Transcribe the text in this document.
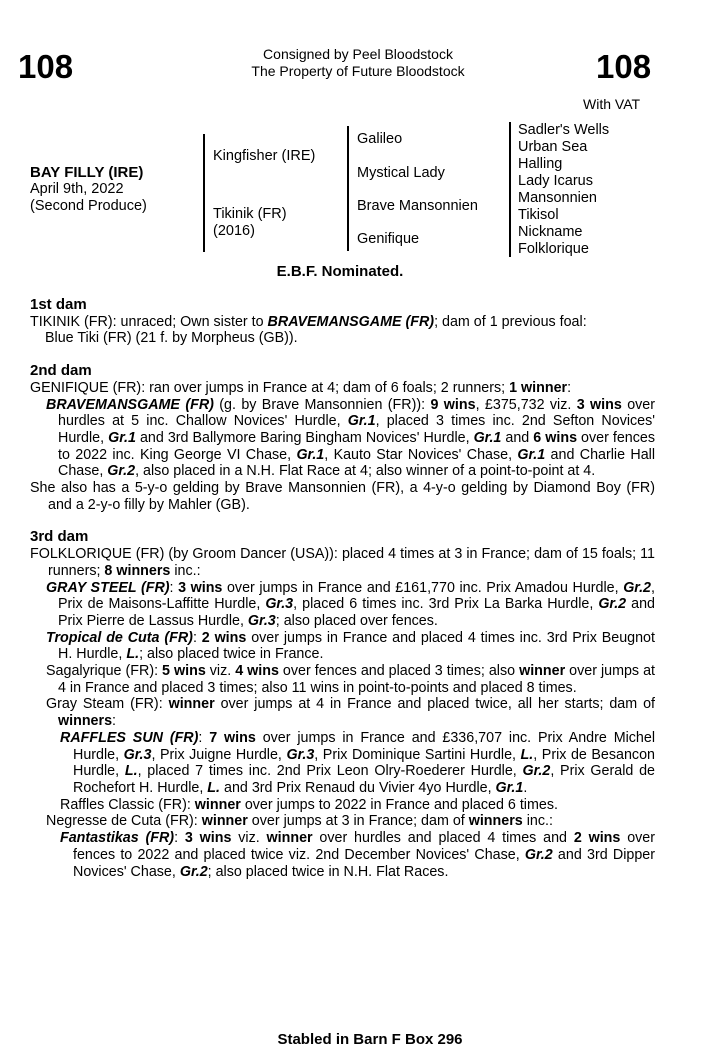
108	108
Consigned by Peel Bloodstock
The Property of Future Bloodstock
With VAT
BAY FILLY (IRE)
April 9th, 2022
(Second Produce)
Kingfisher (IRE)
Tikinik (FR)
(2016)
Galileo
Mystical Lady
Brave Mansonnien
Genifique
Sadler's Wells
Urban Sea
Halling
Lady Icarus
Mansonnien
Tikisol
Nickname
Folklorique
E.B.F. Nominated.
1st dam

TIKINIK (FR): unraced; Own sister to BRAVEMANSGAME (FR); dam of 1 previous foal:

Blue Tiki (FR) (21 f. by Morpheus (GB)).

2nd dam

GENIFIQUE (FR): ran over jumps in France at 4; dam of 6 foals; 2 runners; 1 winner:

BRAVEMANSGAME (FR) (g. by Brave Mansonnien (FR)): 9 wins, £375,732 viz. 3 wins over hurdles at 5 inc. Challow Novices' Hurdle, Gr.1, placed 3 times inc. 2nd Sefton Novices' Hurdle, Gr.1 and 3rd Ballymore Baring Bingham Novices' Hurdle, Gr.1 and 6 wins over fences to 2022 inc. King George VI Chase, Gr.1, Kauto Star Novices' Chase, Gr.1 and Charlie Hall Chase, Gr.2, also placed in a N.H. Flat Race at 4; also winner of a point-to-point at 4.

She also has a 5-y-o gelding by Brave Mansonnien (FR), a 4-y-o gelding by Diamond Boy (FR) and a 2-y-o filly by Mahler (GB).

3rd dam

FOLKLORIQUE (FR) (by Groom Dancer (USA)): placed 4 times at 3 in France; dam of 15 foals; 11 runners; 8 winners inc.:

GRAY STEEL (FR): 3 wins over jumps in France and £161,770 inc. Prix Amadou Hurdle, Gr.2, Prix de Maisons-Laffitte Hurdle, Gr.3, placed 6 times inc. 3rd Prix La Barka Hurdle, Gr.2 and Prix Pierre de Lassus Hurdle, Gr.3; also placed over fences.

Tropical de Cuta (FR): 2 wins over jumps in France and placed 4 times inc. 3rd Prix Beugnot H. Hurdle, L.; also placed twice in France.

Sagalyrique (FR): 5 wins viz. 4 wins over fences and placed 3 times; also winner over jumps at 4 in France and placed 3 times; also 11 wins in point-to-points and placed 8 times.

Gray Steam (FR): winner over jumps at 4 in France and placed twice, all her starts; dam of winners:

RAFFLES SUN (FR): 7 wins over jumps in France and £336,707 inc. Prix Andre Michel Hurdle, Gr.3, Prix Juigne Hurdle, Gr.3, Prix Dominique Sartini Hurdle, L., Prix de Besancon Hurdle, L., placed 7 times inc. 2nd Prix Leon Olry-Roederer Hurdle, Gr.2, Prix Gerald de Rochefort H. Hurdle, L. and 3rd Prix Renaud du Vivier 4yo Hurdle, Gr.1.

Raffles Classic (FR): winner over jumps to 2022 in France and placed 6 times.

Negresse de Cuta (FR): winner over jumps at 3 in France; dam of winners inc.:

Fantastikas (FR): 3 wins viz. winner over hurdles and placed 4 times and 2 wins over fences to 2022 and placed twice viz. 2nd December Novices' Chase, Gr.2 and 3rd Dipper Novices' Chase, Gr.2; also placed twice in N.H. Flat Races.

Stabled in Barn F Box 296
